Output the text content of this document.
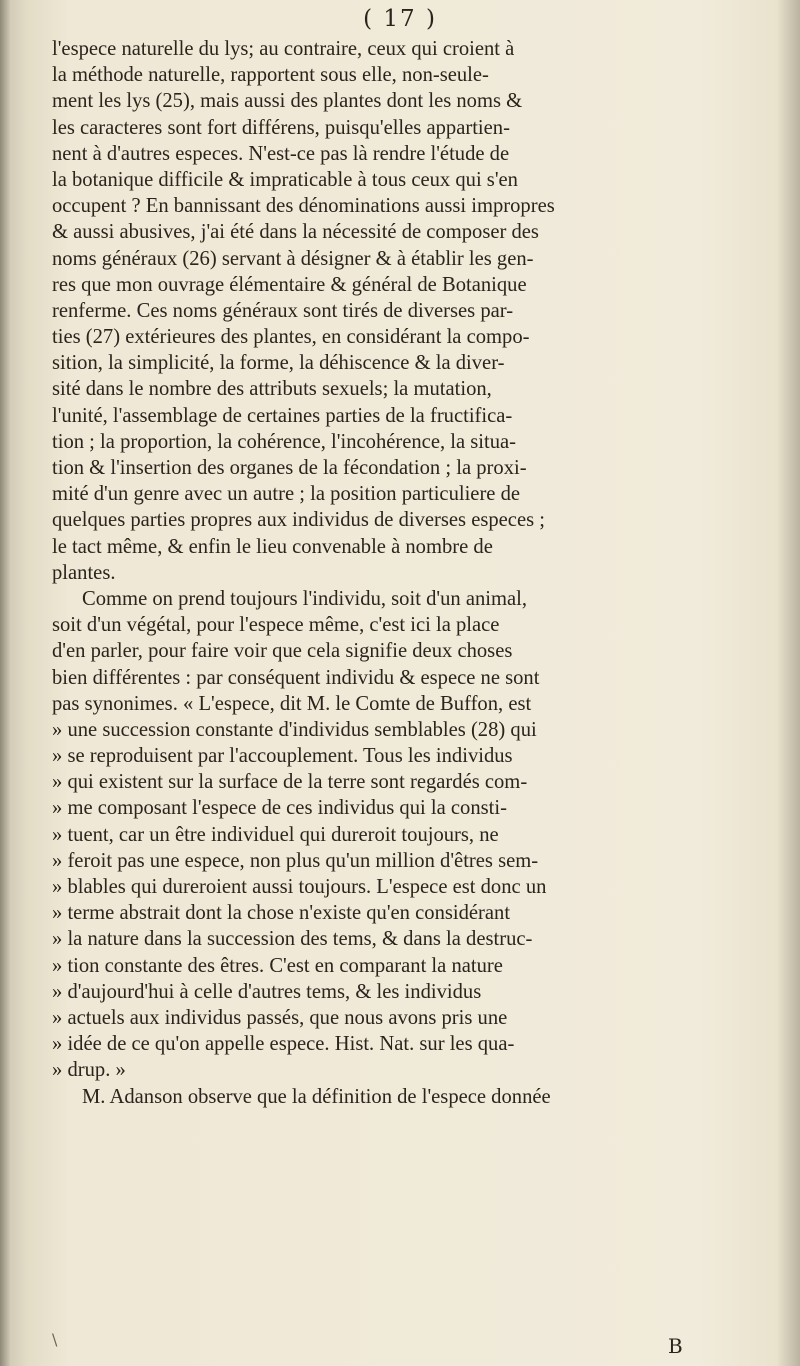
( 17 )
l'espece naturelle du lys; au contraire, ceux qui croient à
la méthode naturelle, rapportent sous elle, non-seule-
ment les lys (25), mais aussi des plantes dont les noms &
les caracteres sont fort différens, puisqu'elles appartien-
nent à d'autres especes. N'est-ce pas là rendre l'étude de
la botanique difficile & impraticable à tous ceux qui s'en
occupent ? En bannissant des dénominations aussi impropres
& aussi abusives, j'ai été dans la nécessité de composer des
noms généraux (26) servant à désigner & à établir les gen-
res que mon ouvrage élémentaire & général de Botanique
renferme. Ces noms généraux sont tirés de diverses par-
ties (27) extérieures des plantes, en considérant la compo-
sition, la simplicité, la forme, la déhiscence & la diver-
sité dans le nombre des attributs sexuels; la mutation,
l'unité, l'assemblage de certaines parties de la fructifica-
tion ; la proportion, la cohérence, l'incohérence, la situa-
tion & l'insertion des organes de la fécondation ; la proxi-
mité d'un genre avec un autre ; la position particuliere de
quelques parties propres aux individus de diverses especes ;
le tact même, & enfin le lieu convenable à nombre de
plantes.
Comme on prend toujours l'individu, soit d'un animal,
soit d'un végétal, pour l'espece même, c'est ici la place
d'en parler, pour faire voir que cela signifie deux choses
bien différentes : par conséquent individu & espece ne sont
pas synonimes. « L'espece, dit M. le Comte de Buffon, est
» une succession constante d'individus semblables (28) qui
» se reproduisent par l'accouplement. Tous les individus
» qui existent sur la surface de la terre sont regardés com-
» me composant l'espece de ces individus qui la consti-
» tuent, car un être individuel qui dureroit toujours, ne
» feroit pas une espece, non plus qu'un million d'êtres sem-
» blables qui dureroient aussi toujours. L'espece est donc un
» terme abstrait dont la chose n'existe qu'en considérant
» la nature dans la succession des tems, & dans la destruc-
» tion constante des êtres. C'est en comparant la nature
» d'aujourd'hui à celle d'autres tems, & les individus
» actuels aux individus passés, que nous avons pris une
» idée de ce qu'on appelle espece. Hist. Nat. sur les qua-
» drup. »
M. Adanson observe que la définition de l'espece donnée
\	B
